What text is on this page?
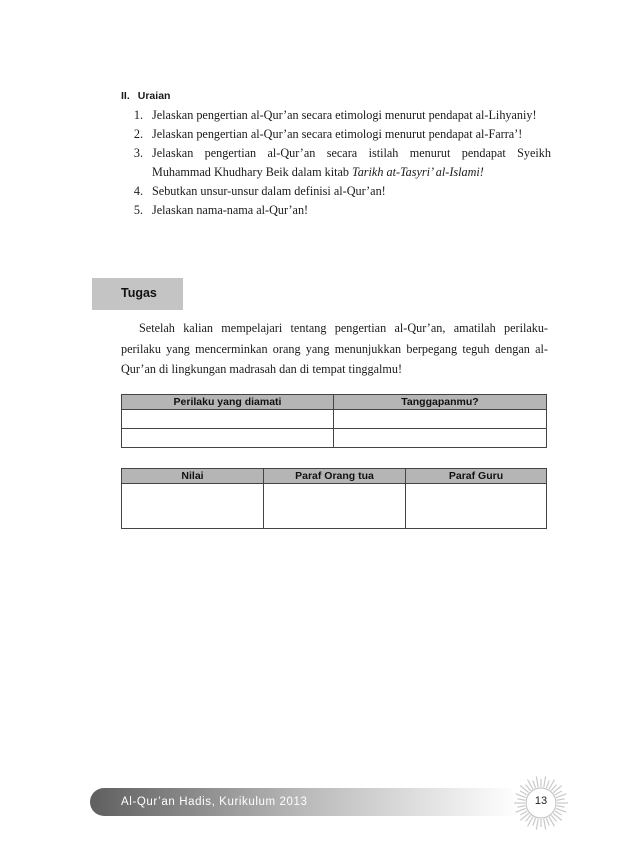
II. Uraian
1. Jelaskan pengertian al-Qur’an secara etimologi menurut pendapat al-Lihyaniy!
2. Jelaskan pengertian al-Qur’an secara etimologi menurut pendapat al-Farra’!
3. Jelaskan pengertian al-Qur’an secara istilah menurut pendapat Syeikh Muhammad Khudhary Beik dalam kitab Tarikh at-Tasyri’ al-Islami!
4. Sebutkan unsur-unsur dalam definisi al-Qur’an!
5. Jelaskan nama-nama al-Qur’an!
Tugas

Setelah kalian mempelajari tentang pengertian al-Qur’an, amatilah perilaku-perilaku yang mencerminkan orang yang menunjukkan berpegang teguh dengan al-Qur’an di lingkungan madrasah dan di tempat tinggalmu!

Perilaku yang diamati	Tanggapanmu?

Nilai	Paraf Orang tua	Paraf Guru

Al-Qur’an Hadis, Kurikulum 2013	13
